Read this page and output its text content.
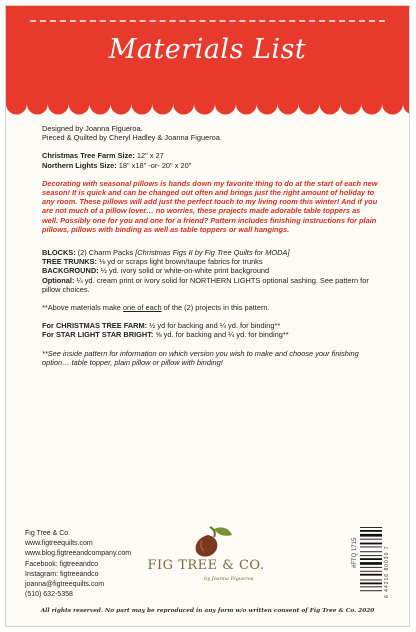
Materials List

Designed by Joanna Figueroa.

Pieced & Quilted by Cheryl Hadley & Joanna Figueroa.

Christmas Tree Farm Size: 12" x 27

Northern Lights Size: 18" x18" -or- 20" x 20"

Decorating with seasonal pillows is hands down my favorite thing to do at the start of each new season! It is quick and can be changed out often and brings just the right amount of holiday to any room. These pillows will add just the perfect touch to my living room this winter! And if you are not much of a pillow lover… no worries, these projects made adorable table toppers as well. Possibly one for you and one for a friend? Pattern includes finishing instructions for plain pillows, pillows with binding as well as table toppers or wall hangings.

BLOCKS: (2) Charm Packs [Christmas Figs II by Fig Tree Quilts for MODA]

TREE TRUNKS: ⅛ yd or scraps light brown/taupe fabrics for trunks

BACKGROUND: ½ yd. ivory solid or white-on-white print background

Optional: ¼ yd. cream print or ivory solid for NORTHERN LIGHTS optional sashing. See pattern for pillow choices.

**Above materials make one of each of the (2) projects in this pattern.

For CHRISTMAS TREE FARM: ½ yd for backing and ¼ yd. for binding**

For STAR LIGHT STAR BRIGHT: ⅝ yd. for backing and ¼ yd. for binding**

**See inside pattern for information on which version you wish to make and choose your finishing option… table topper, plain pillow or pillow with binding!

Fig Tree & Co.
www.figtreequilts.com
www.blog.figtreeandcompany.com
Facebook: figtreeandco
Instagram: figtreeandco
joanna@figtreequilts.com
(510) 632-5358
FIG TREE & CO.
by Joanna Figueroa
#FTQ 1715	6 44216 80030 7
All rights reserved. No part may be reproduced in any form w/o written consent of Fig Tree & Co. 2020
